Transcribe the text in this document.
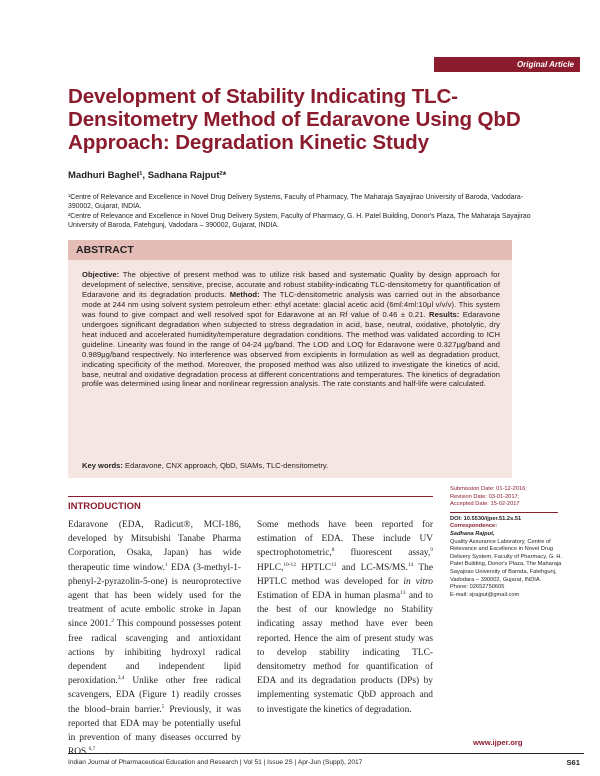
Original Article
Development of Stability Indicating TLC-Densitometry Method of Edaravone Using QbD Approach: Degradation Kinetic Study
Madhuri Baghel¹, Sadhana Rajput²*

¹Centre of Relevance and Excellence in Novel Drug Delivery Systems, Faculty of Pharmacy, The Maharaja Sayajirao University of Baroda, Vadodara- 390002, Gujarat, INDIA.

²Centre of Relevance and Excellence in Novel Drug Delivery System, Faculty of Pharmacy, G. H. Patel Building, Donor's Plaza, The Maharaja Sayajirao University of Baroda, Fatehgunj, Vadodara – 390002, Gujarat, INDIA.

ABSTRACT

Objective: The objective of present method was to utilize risk based and systematic Quality by design approach for development of selective, sensitive, precise, accurate and robust stability-indicating TLC-densitometry for quantification of Edaravone and its degradation products. Method: The TLC-densitometric analysis was carried out in the absorbance mode at 244 nm using solvent system petroleum ether: ethyl acetate: glacial acetic acid (6ml:4ml:10μl v/v/v). This system was found to give compact and well resolved spot for Edaravone at an Rf value of 0.46 ± 0.21. Results: Edaravone undergoes significant degradation when subjected to stress degradation in acid, base, neutral, oxidative, photolytic, dry heat induced and accelerated humidity/temperature degradation conditions. The method was validated according to ICH guideline. Linearity was found in the range of 04-24 μg/band. The LOD and LOQ for Edaravone were 0.327μg/band and 0.989μg/band respectively. No interference was observed from excipients in formulation as well as degradation product, indicating specificity of the method. Moreover, the proposed method was also utilized to investigate the kinetics of acid, base, neutral and oxidative degradation process at different concentrations and temperatures. The kinetics of degradation profile was determined using linear and nonlinear regression analysis. The rate constants and half-life were calculated.

Key words: Edaravone, CNX approach, QbD, SIAMs, TLC-densitometry.

Submission Date: 01-12-2016;
Revision Date: 03-01-2017;
Accepted Date: 15-02-2017
DOI: 10.5530/ijper.51.2s.51
Correspondence:
Sadhana Rajput,
Quality Assurance Laboratory, Centre of Relevance and Excellence in Novel Drug Delivery System, Faculty of Pharmacy, G. H. Patel Building, Donor's Plaza, The Maharaja Sayajirao University of Baroda, Fatehgunj, Vadodara – 390002, Gujarat, INDIA.
Phone: 02652750605
E-mail: sjrajput@gmail.com
INTRODUCTION

Edaravone (EDA, Radicut®, MCI-186, developed by Mitsubishi Tanabe Pharma Corporation, Osaka, Japan) has wide therapeutic time window.$^1$ EDA (3-methyl-1-phenyl-2-pyrazolin-5-one) is neuroprotective agent that has been widely used for the treatment of acute embolic stroke in Japan since 2001.$^2$ This compound possesses potent free radical scavenging and antioxidant actions by inhibiting hydroxyl radical dependent and independent lipid peroxidation.$^{3,4}$ Unlike other free radical scavengers, EDA (Figure 1) readily crosses the blood–brain barrier.$^5$ Previously, it was reported that EDA may be potentially useful in prevention of many diseases occurred by ROS.$^{6,7}$

Some methods have been reported for estimation of EDA. These include UV spectrophotometric,$^8$ fluorescent assay,$^9$ HPLC,$^{10-12}$ HPTLC$^{13}$ and LC-MS/MS.$^{14}$ The HPTLC method was developed for in vitro Estimation of EDA in human plasma$^{13}$ and to the best of our knowledge no Stability indicating assay method have ever been reported. Hence the aim of present study was to develop stability indicating TLC-densitometry method for quantification of EDA and its degradation products (DPs) by implementing systematic QbD approach and to investigate the kinetics of degradation.

www.ijper.org
Indian Journal of Pharmaceutical Education and Research | Vol 51 | Issue 2S | Apr-Jun (Suppl), 2017	S61
